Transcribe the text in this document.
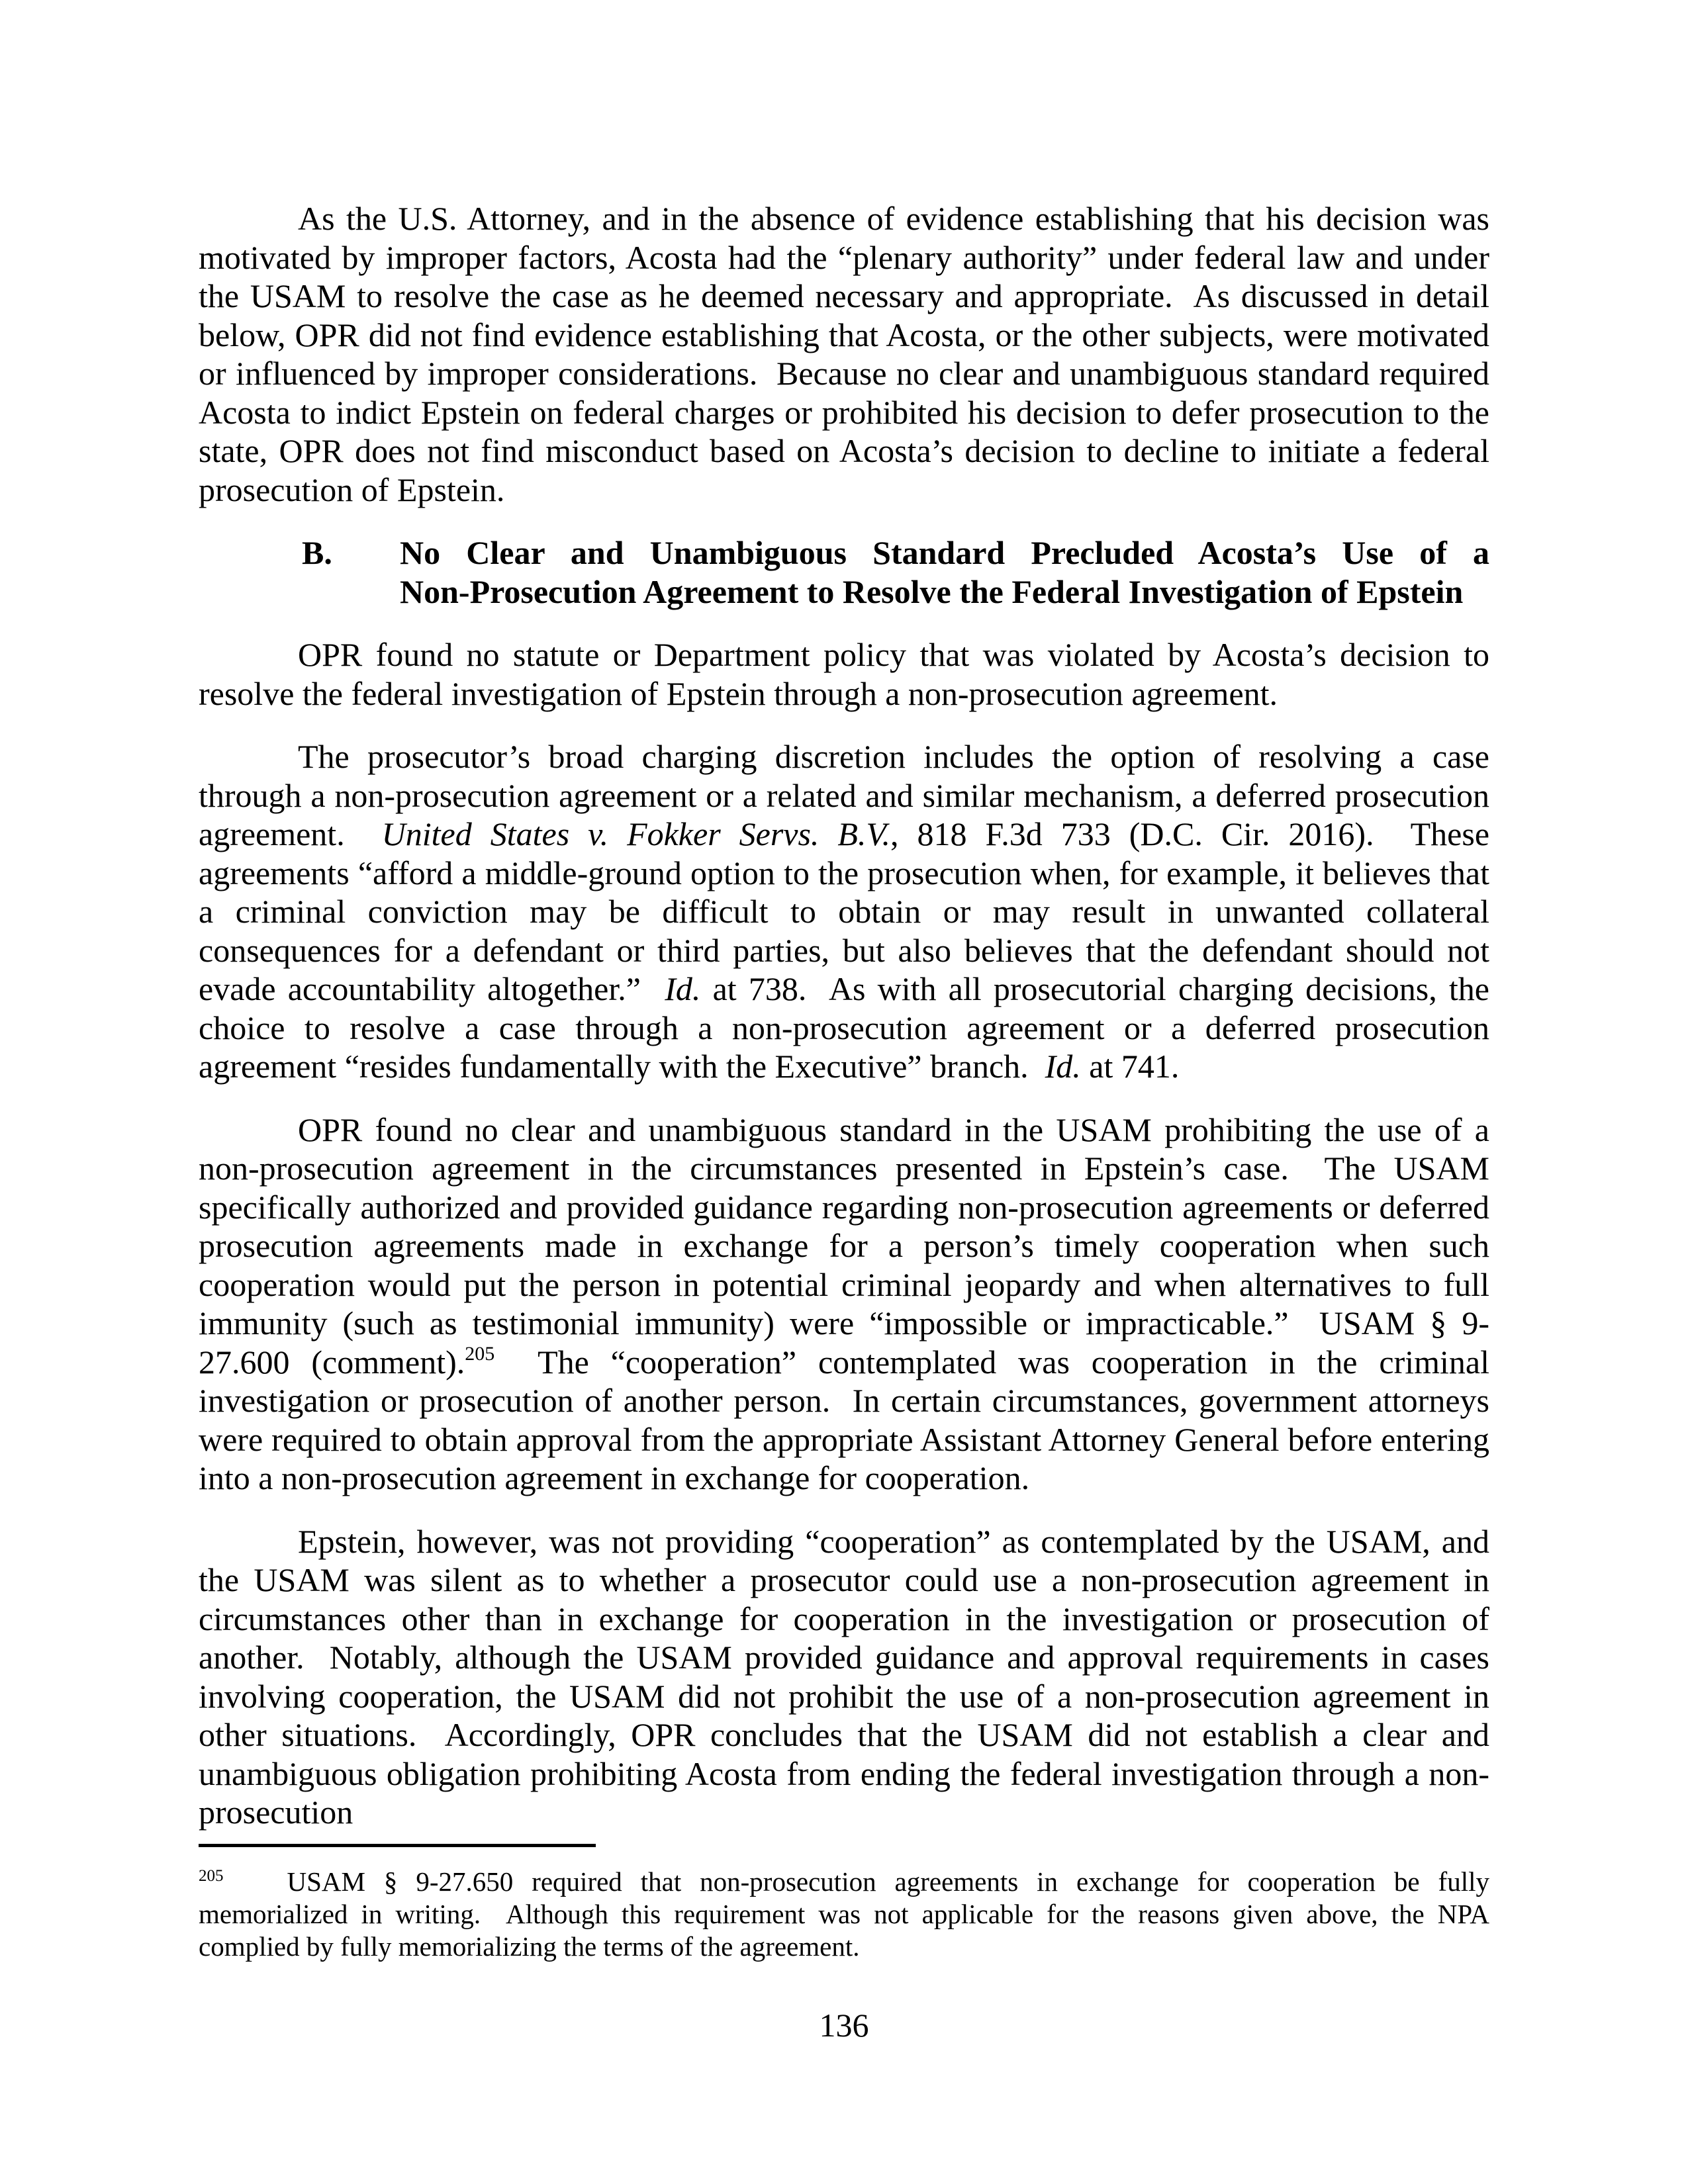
As the U.S. Attorney, and in the absence of evidence establishing that his decision was motivated by improper factors, Acosta had the “plenary authority” under federal law and under the USAM to resolve the case as he deemed necessary and appropriate.  As discussed in detail below, OPR did not find evidence establishing that Acosta, or the other subjects, were motivated or influenced by improper considerations.  Because no clear and unambiguous standard required Acosta to indict Epstein on federal charges or prohibited his decision to defer prosecution to the state, OPR does not find misconduct based on Acosta’s decision to decline to initiate a federal prosecution of Epstein.

B. No Clear and Unambiguous Standard Precluded Acosta’s Use of a
Non-Prosecution Agreement to Resolve the Federal Investigation of Epstein

OPR found no statute or Department policy that was violated by Acosta’s decision to resolve the federal investigation of Epstein through a non-prosecution agreement.

The prosecutor’s broad charging discretion includes the option of resolving a case through a non-prosecution agreement or a related and similar mechanism, a deferred prosecution agreement.  United States v. Fokker Servs. B.V., 818 F.3d 733 (D.C. Cir. 2016).  These agreements “afford a middle-ground option to the prosecution when, for example, it believes that a criminal conviction may be difficult to obtain or may result in unwanted collateral consequences for a defendant or third parties, but also believes that the defendant should not evade accountability altogether.”  Id. at 738.  As with all prosecutorial charging decisions, the choice to resolve a case through a non-prosecution agreement or a deferred prosecution agreement “resides fundamentally with the Executive” branch.  Id. at 741.

OPR found no clear and unambiguous standard in the USAM prohibiting the use of a non-prosecution agreement in the circumstances presented in Epstein’s case.  The USAM specifically authorized and provided guidance regarding non-prosecution agreements or deferred prosecution agreements made in exchange for a person’s timely cooperation when such cooperation would put the person in potential criminal jeopardy and when alternatives to full immunity (such as testimonial immunity) were “impossible or impracticable.”  USAM § 9-27.600 (comment).$^{205}$  The “cooperation” contemplated was cooperation in the criminal investigation or prosecution of another person.  In certain circumstances, government attorneys were required to obtain approval from the appropriate Assistant Attorney General before entering into a non-prosecution agreement in exchange for cooperation.

Epstein, however, was not providing “cooperation” as contemplated by the USAM, and the USAM was silent as to whether a prosecutor could use a non-prosecution agreement in circumstances other than in exchange for cooperation in the investigation or prosecution of another.  Notably, although the USAM provided guidance and approval requirements in cases involving cooperation, the USAM did not prohibit the use of a non-prosecution agreement in other situations.  Accordingly, OPR concludes that the USAM did not establish a clear and unambiguous obligation prohibiting Acosta from ending the federal investigation through a non-prosecution

$^{205}$ USAM § 9-27.650 required that non-prosecution agreements in exchange for cooperation be fully memorialized in writing.  Although this requirement was not applicable for the reasons given above, the NPA complied by fully memorializing the terms of the agreement.
136
